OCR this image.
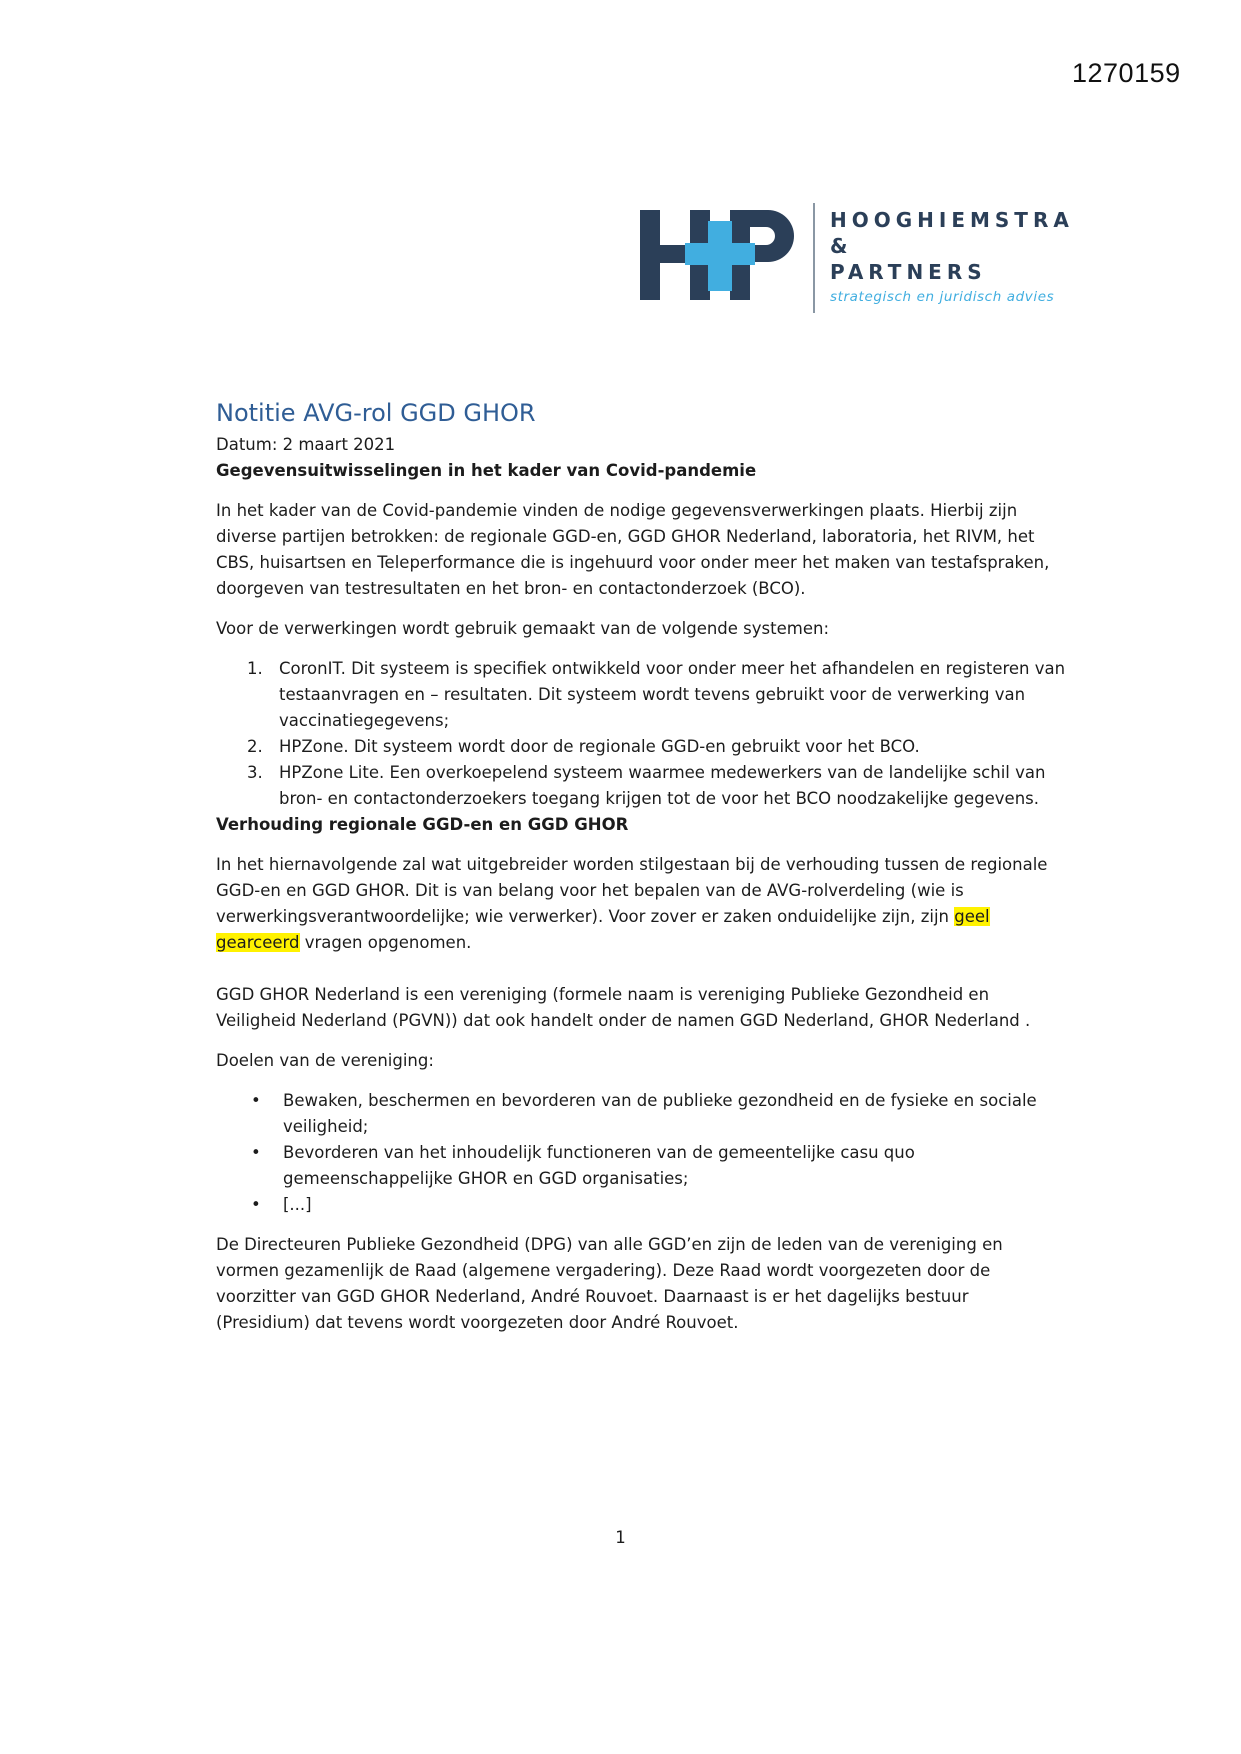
1270159
HOOGHIEMSTRA
&
PARTNERS
strategisch en juridisch advies
Notitie AVG-rol GGD GHOR
Datum: 2 maart 2021
Gegevensuitwisselingen in het kader van Covid-pandemie

In het kader van de Covid-pandemie vinden de nodige gegevensverwerkingen plaats. Hierbij zijn diverse partijen betrokken: de regionale GGD-en, GGD GHOR Nederland, laboratoria, het RIVM, het CBS, huisartsen en Teleperformance die is ingehuurd voor onder meer het maken van testafspraken, doorgeven van testresultaten en het bron- en contactonderzoek (BCO).

Voor de verwerkingen wordt gebruik gemaakt van de volgende systemen:

1. CoronIT. Dit systeem is specifiek ontwikkeld voor onder meer het afhandelen en registeren van testaanvragen en – resultaten. Dit systeem wordt tevens gebruikt voor de verwerking van vaccinatiegegevens;
2. HPZone. Dit systeem wordt door de regionale GGD-en gebruikt voor het BCO.
3. HPZone Lite. Een overkoepelend systeem waarmee medewerkers van de landelijke schil van bron- en contactonderzoekers toegang krijgen tot de voor het BCO noodzakelijke gegevens.
Verhouding regionale GGD-en en GGD GHOR

In het hiernavolgende zal wat uitgebreider worden stilgestaan bij de verhouding tussen de regionale GGD-en en GGD GHOR. Dit is van belang voor het bepalen van de AVG-rolverdeling (wie is verwerkingsverantwoordelijke; wie verwerker). Voor zover er zaken onduidelijke zijn, zijn geel gearceerd vragen opgenomen.

GGD GHOR Nederland is een vereniging (formele naam is vereniging Publieke Gezondheid en Veiligheid Nederland (PGVN)) dat ook handelt onder de namen GGD Nederland, GHOR Nederland .

Doelen van de vereniging:

• Bewaken, beschermen en bevorderen van de publieke gezondheid en de fysieke en sociale veiligheid;
• Bevorderen van het inhoudelijk functioneren van de gemeentelijke casu quo gemeenschappelijke GHOR en GGD organisaties;
• [...]

De Directeuren Publieke Gezondheid (DPG) van alle GGD’en zijn de leden van de vereniging en vormen gezamenlijk de Raad (algemene vergadering). Deze Raad wordt voorgezeten door de voorzitter van GGD GHOR Nederland, André Rouvoet. Daarnaast is er het dagelijks bestuur (Presidium) dat tevens wordt voorgezeten door André Rouvoet.

1
